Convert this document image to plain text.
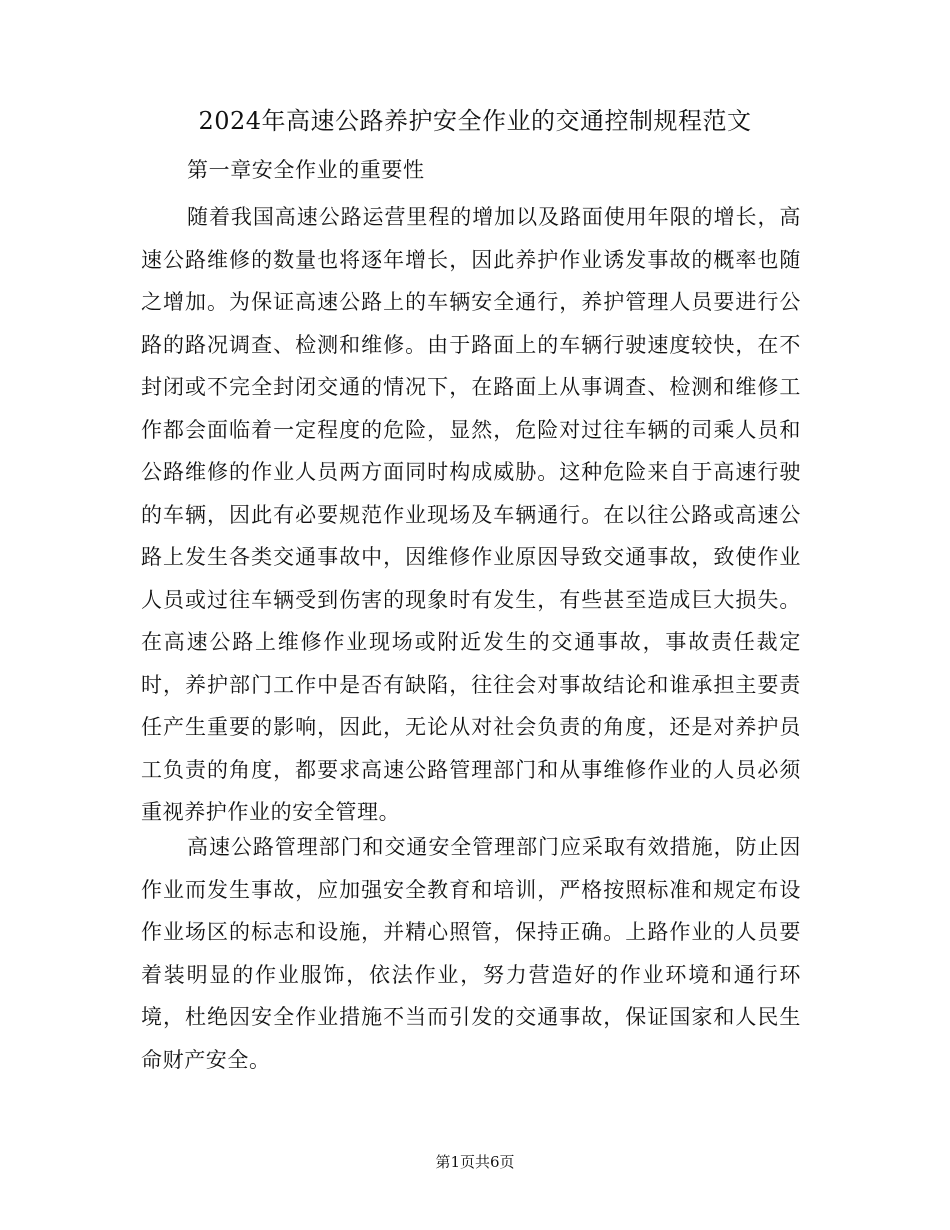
2024年高速公路养护安全作业的交通控制规程范文
第一章安全作业的重要性

随着我国高速公路运营里程的增加以及路面使用年限的增长，高速公路维修的数量也将逐年增长，因此养护作业诱发事故的概率也随之增加。为保证高速公路上的车辆安全通行，养护管理人员要进行公路的路况调查、检测和维修。由于路面上的车辆行驶速度较快，在不封闭或不完全封闭交通的情况下，在路面上从事调查、检测和维修工作都会面临着一定程度的危险，显然，危险对过往车辆的司乘人员和公路维修的作业人员两方面同时构成威胁。这种危险来自于高速行驶的车辆，因此有必要规范作业现场及车辆通行。在以往公路或高速公路上发生各类交通事故中，因维修作业原因导致交通事故，致使作业人员或过往车辆受到伤害的现象时有发生，有些甚至造成巨大损失。在高速公路上维修作业现场或附近发生的交通事故，事故责任裁定时，养护部门工作中是否有缺陷，往往会对事故结论和谁承担主要责任产生重要的影响，因此，无论从对社会负责的角度，还是对养护员工负责的角度，都要求高速公路管理部门和从事维修作业的人员必须重视养护作业的安全管理。

高速公路管理部门和交通安全管理部门应采取有效措施，防止因作业而发生事故，应加强安全教育和培训，严格按照标准和规定布设作业场区的标志和设施，并精心照管，保持正确。上路作业的人员要着装明显的作业服饰，依法作业，努力营造好的作业环境和通行环境，杜绝因安全作业措施不当而引发的交通事故，保证国家和人民生命财产安全。

第1页共6页
